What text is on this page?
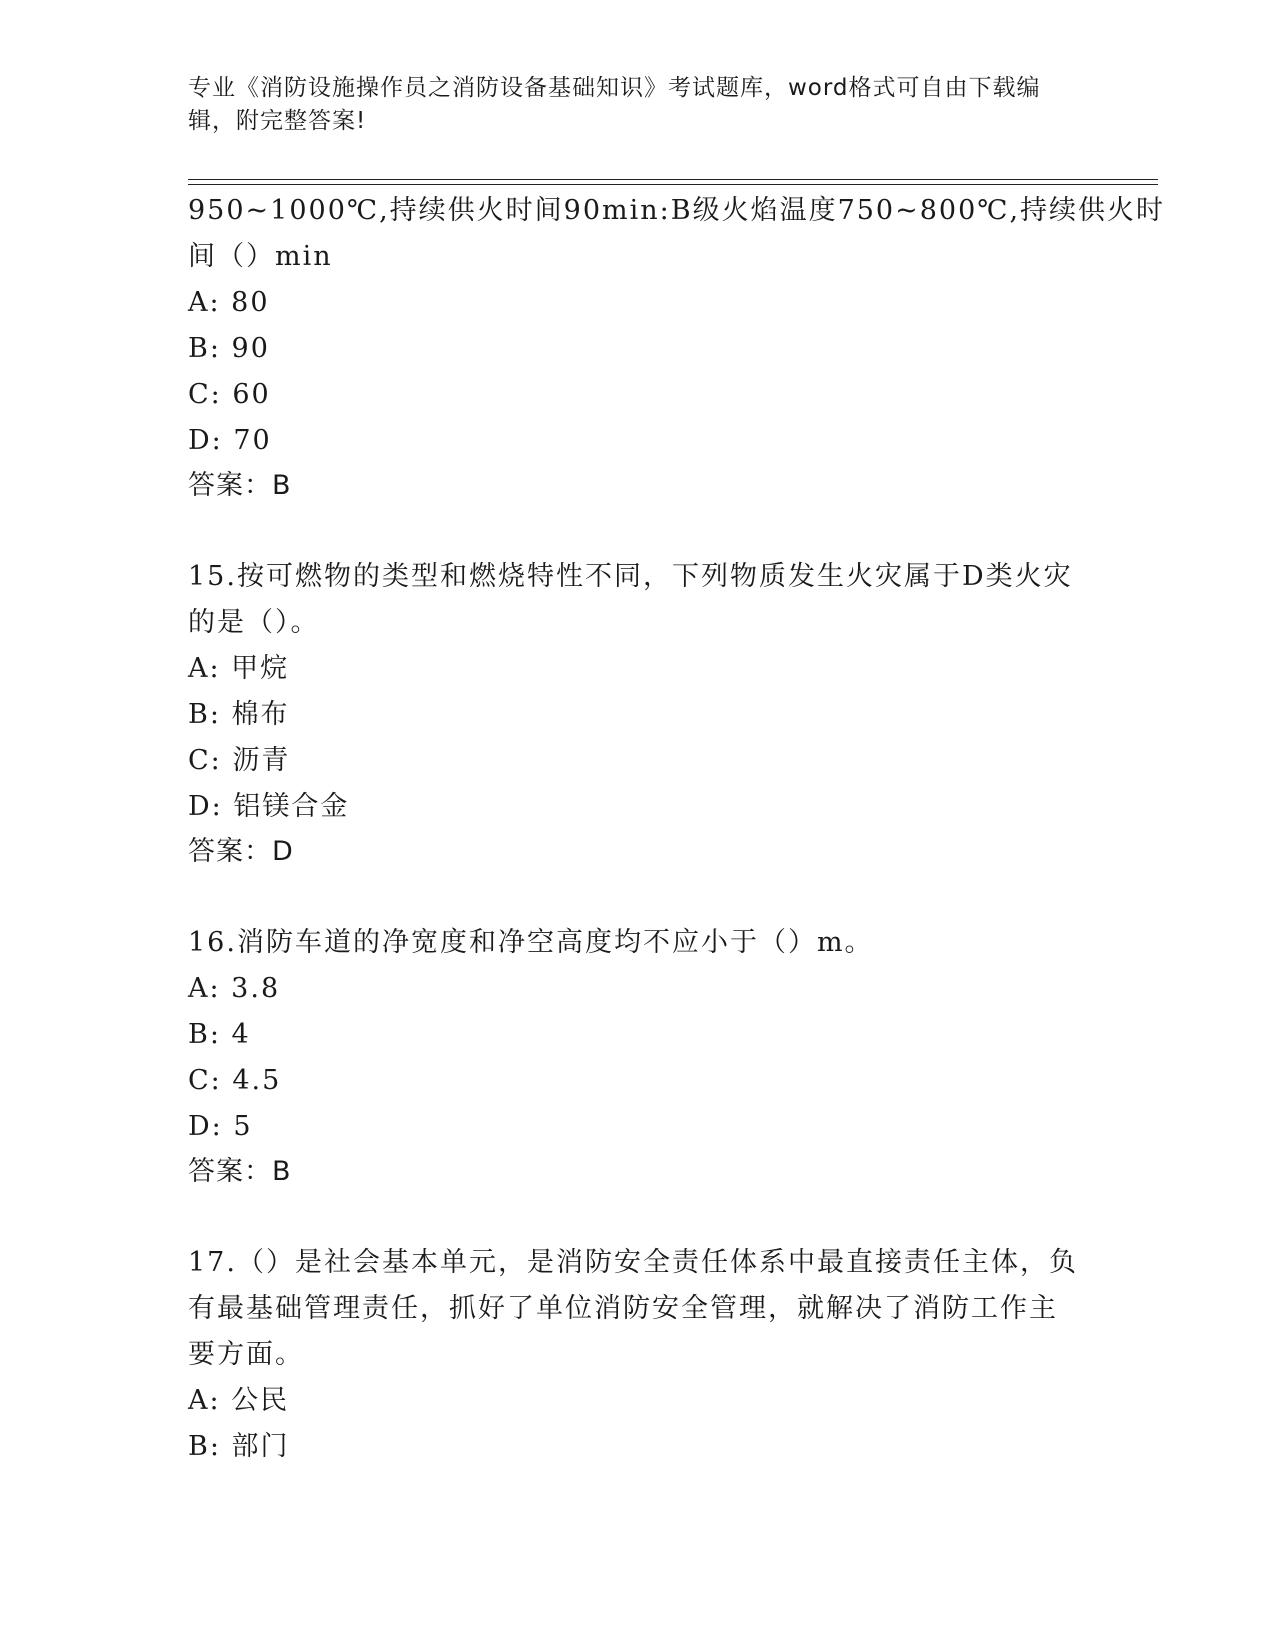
专业《消防设施操作员之消防设备基础知识》考试题库，word格式可自由下载编
辑，附完整答案!
950~1000℃,持续供火时间90min:B级火焰温度750~800℃,持续供火时
间（）min
A: 80
B: 90
C: 60
D: 70
答案：B
15.按可燃物的类型和燃烧特性不同，下列物质发生火灾属于D类火灾
的是（）。
A: 甲烷
B: 棉布
C: 沥青
D: 铝镁合金
答案：D
16.消防车道的净宽度和净空高度均不应小于（）m。
A: 3.8
B: 4
C: 4.5
D: 5
答案：B
17.（）是社会基本单元，是消防安全责任体系中最直接责任主体，负
有最基础管理责任，抓好了单位消防安全管理，就解决了消防工作主
要方面。
A: 公民
B: 部门
